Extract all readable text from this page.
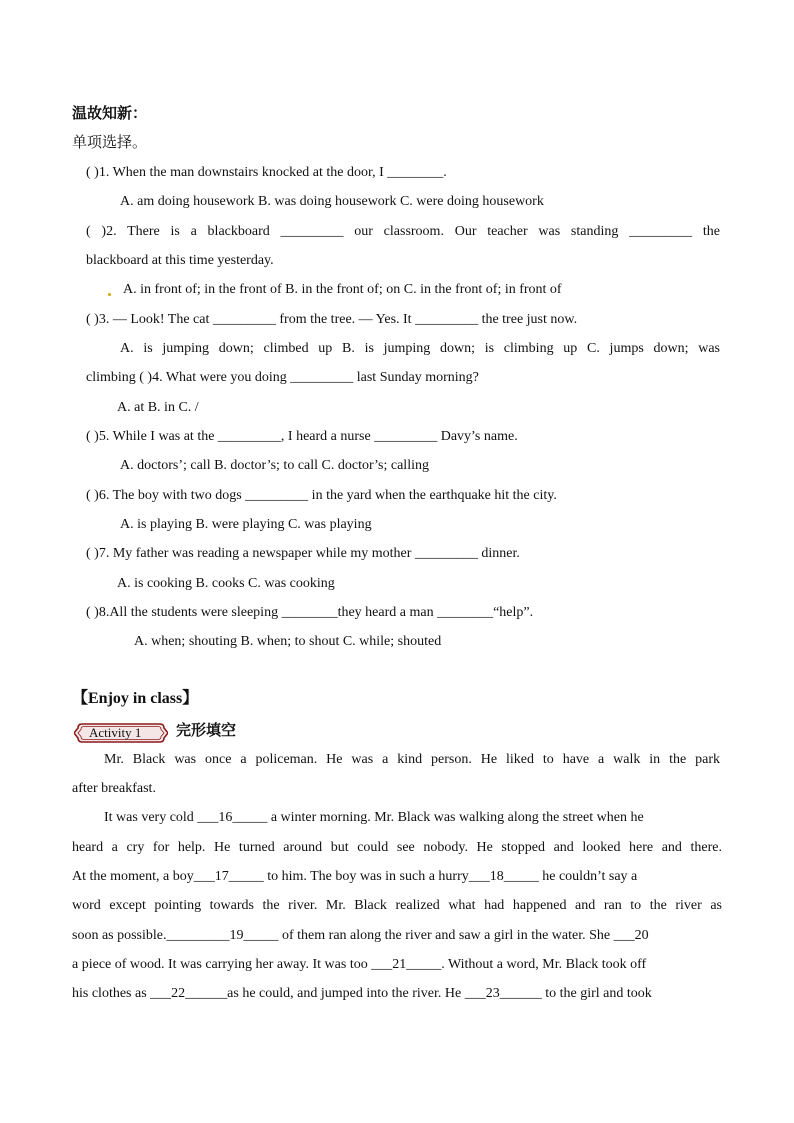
温故知新：
单项选择。
( )1. When the man downstairs knocked at the door, I ________.
A. am doing housework B. was doing housework C. were doing housework
( )2. There is a blackboard _________ our classroom. Our teacher was standing _________ the
blackboard at this time yesterday.
A. in front of; in the front of B. in the front of; on C. in the front of; in front of
( )3. — Look! The cat _________ from the tree. — Yes. It _________ the tree just now.
A. is jumping down; climbed up B. is jumping down; is climbing up C. jumps down; was
climbing ( )4. What were you doing _________ last Sunday morning?
A. at B. in C. /
( )5. While I was at the _________, I heard a nurse _________ Davy’s name.
A. doctors’; call B. doctor’s; to call C. doctor’s; calling
( )6. The boy with two dogs _________ in the yard when the earthquake hit the city.
A. is playing B. were playing C. was playing
( )7. My father was reading a newspaper while my mother _________ dinner.
A. is cooking B. cooks C. was cooking
( )8.All the students were sleeping ________they heard a man ________“help”.
A. when; shouting B. when; to shout C. while; shouted
【Enjoy in class】
Activity 1 完形填空
Mr. Black was once a policeman. He was a kind person. He liked to have a walk in the park
after breakfast.
It was very cold ___16_____ a winter morning. Mr. Black was walking along the street when he
heard a cry for help. He turned around but could see nobody. He stopped and looked here and there.
At the moment, a boy___17_____ to him. The boy was in such a hurry___18_____ he couldn’t say a
word except pointing towards the river. Mr. Black realized what had happened and ran to the river as
soon as possible._________19_____ of them ran along the river and saw a girl in the water. She ___20
a piece of wood. It was carrying her away. It was too ___21_____. Without a word, Mr. Black took off
his clothes as ___22______as he could, and jumped into the river. He ___23______ to the girl and took
